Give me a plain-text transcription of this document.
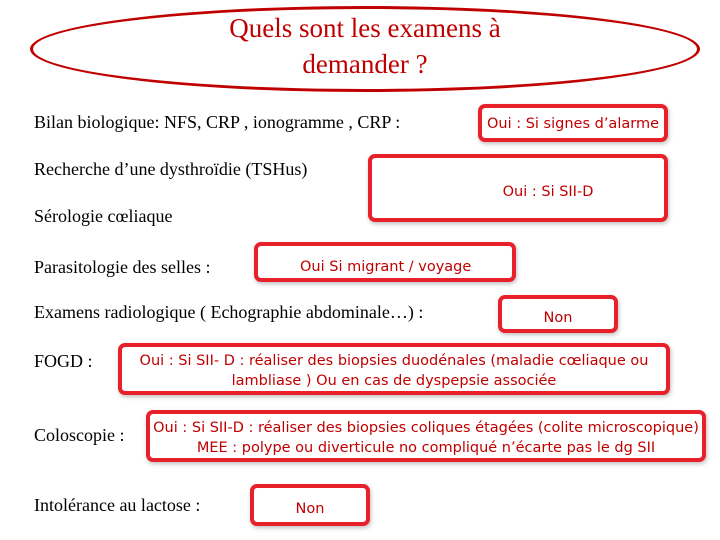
Quels sont les examens à
demander ?
Bilan biologique: NFS, CRP , ionogramme , CRP :	Oui : Si signes d’alarme
Recherche d’une dysthroïdie (TSHus)
Sérologie cœliaque
Oui : Si SII-D
Parasitologie des selles :	Oui Si migrant / voyage
Examens radiologique ( Echographie abdominale…) :	Non
FOGD :	Oui : Si SII- D : réaliser des biopsies duodénales (maladie cœliaque ou
lambliase ) Ou en cas de dyspepsie associée
Coloscopie : Oui : Si SII-D : réaliser des biopsies coliques étagées (colite microscopique)
MEE : polype ou diverticule no compliqué n’écarte pas le dg SII
Intolérance au lactose :	Non
